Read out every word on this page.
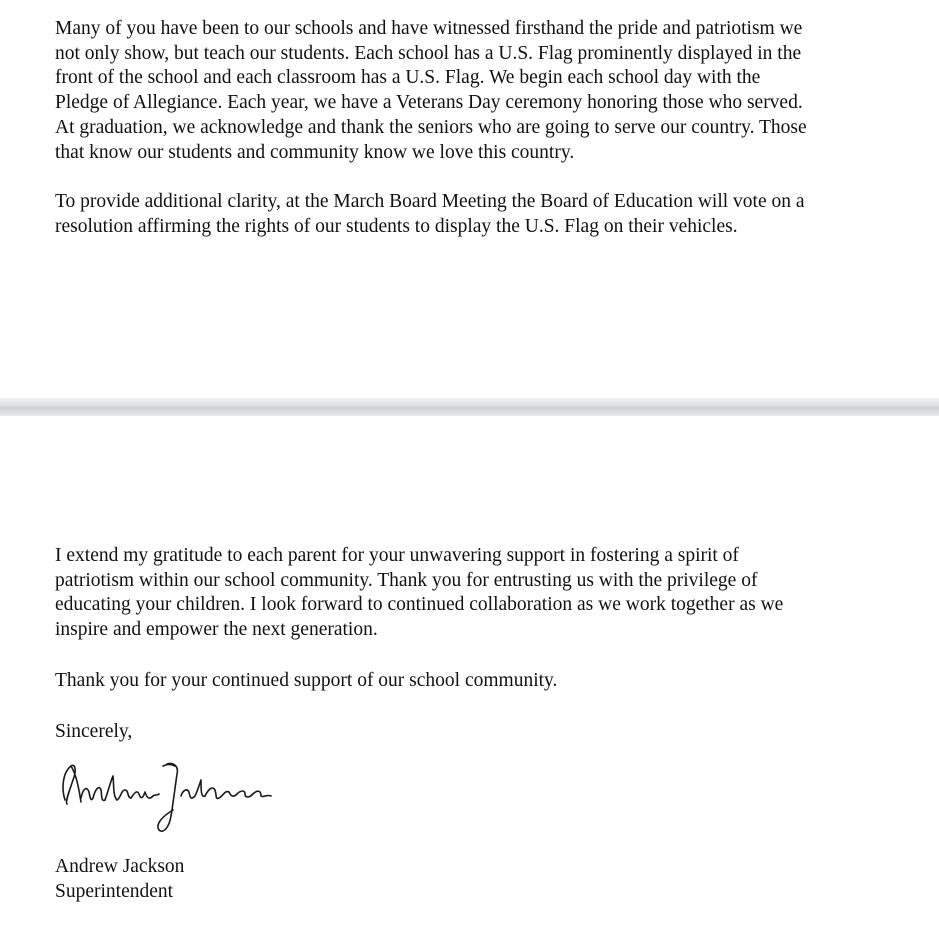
Many of you have been to our schools and have witnessed firsthand the pride and patriotism we
not only show, but teach our students. Each school has a U.S. Flag prominently displayed in the
front of the school and each classroom has a U.S. Flag. We begin each school day with the
Pledge of Allegiance. Each year, we have a Veterans Day ceremony honoring those who served.
At graduation, we acknowledge and thank the seniors who are going to serve our country. Those
that know our students and community know we love this country.

To provide additional clarity, at the March Board Meeting the Board of Education will vote on a
resolution affirming the rights of our students to display the U.S. Flag on their vehicles.

I extend my gratitude to each parent for your unwavering support in fostering a spirit of
patriotism within our school community. Thank you for entrusting us with the privilege of
educating your children. I look forward to continued collaboration as we work together as we
inspire and empower the next generation.

Thank you for your continued support of our school community.

Sincerely,

Andrew Jackson

Superintendent
